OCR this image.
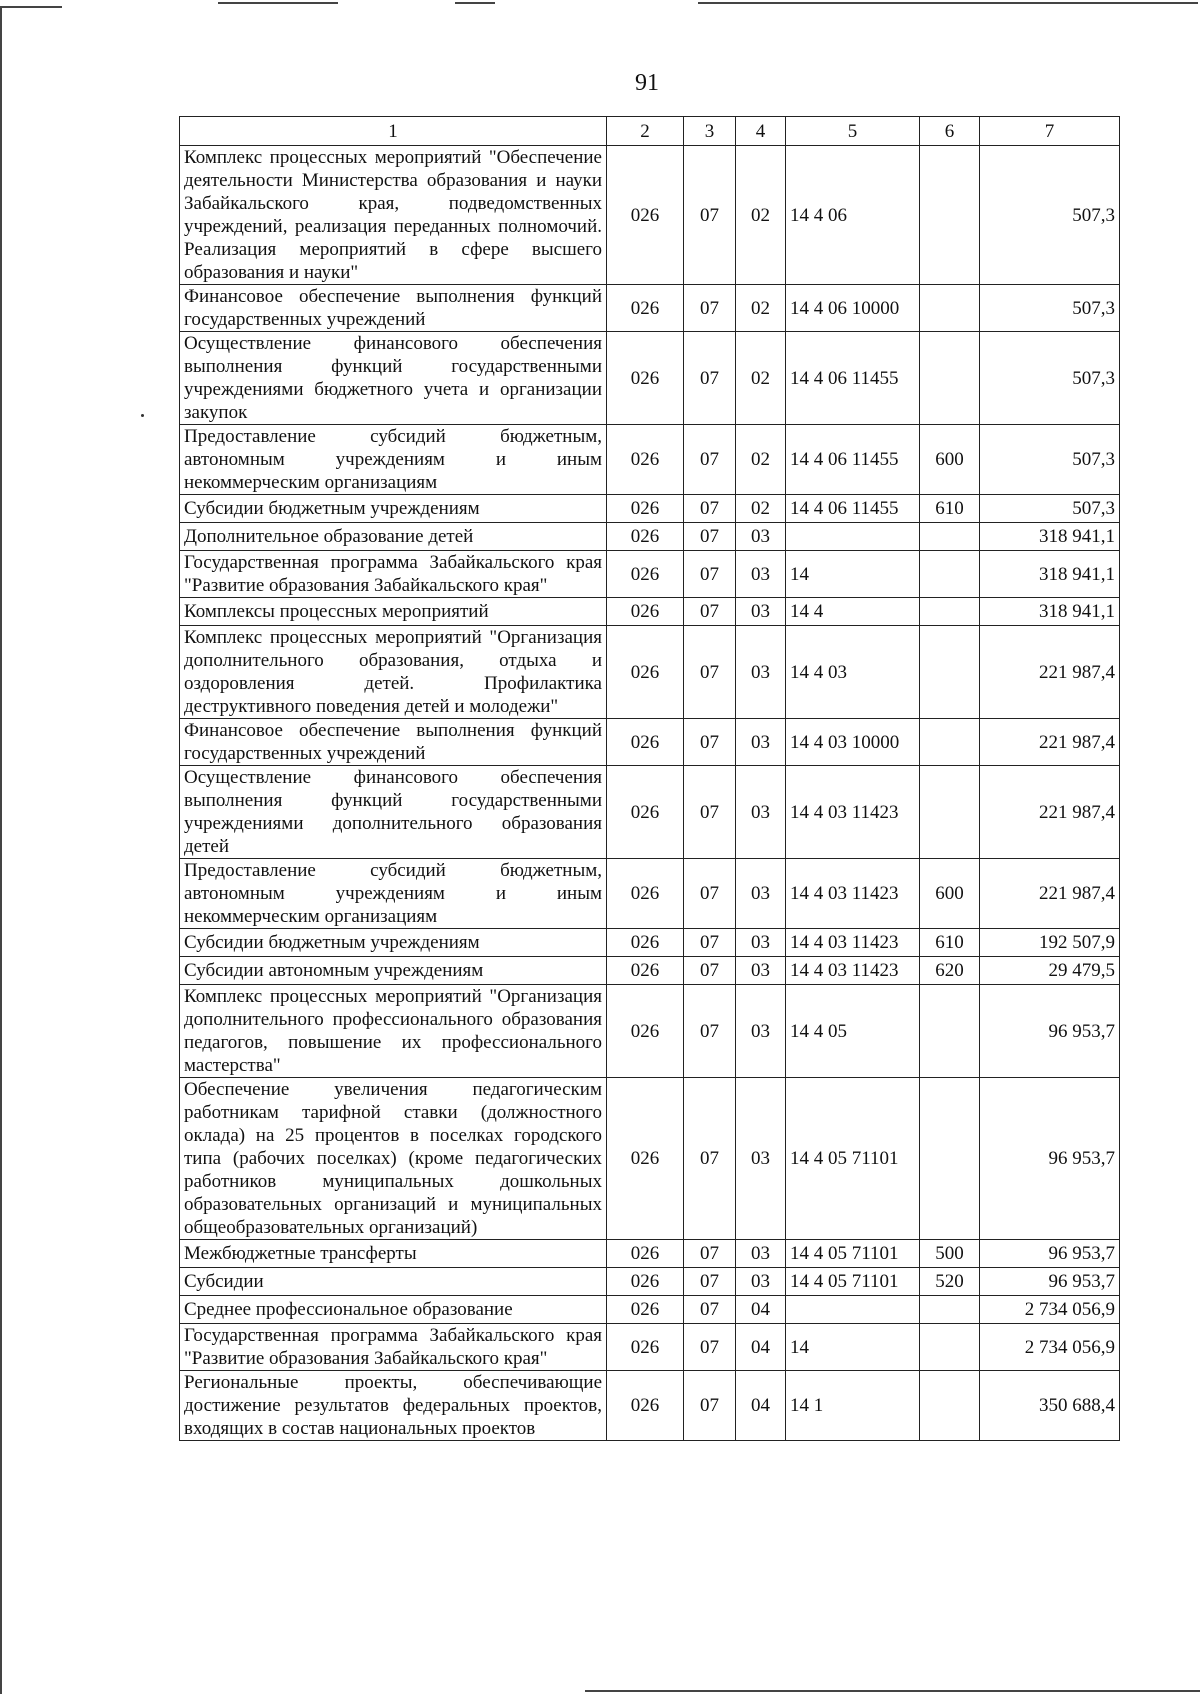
91
1	2	3	4	5	6	7
Комплекс процессных мероприятий "Обеспечение деятельности Министерства образования и науки Забайкальского края, подведомственных учреждений, реализация переданных полномочий. Реализация мероприятий в сфере высшего образования и науки"	026	07	02	14 4 06		507,3
Финансовое обеспечение выполнения функций государственных учреждений	026	07	02	14 4 06 10000		507,3
Осуществление финансового обеспечения выполнения функций государственными учреждениями бюджетного учета и организации закупок	026	07	02	14 4 06 11455		507,3
Предоставление субсидий бюджетным, автономным учреждениям и иным некоммерческим организациям	026	07	02	14 4 06 11455	600	507,3
Субсидии бюджетным учреждениям	026	07	02	14 4 06 11455	610	507,3
Дополнительное образование детей	026	07	03			318 941,1
Государственная программа Забайкальского края "Развитие образования Забайкальского края"	026	07	03	14		318 941,1
Комплексы процессных мероприятий	026	07	03	14 4		318 941,1
Комплекс процессных мероприятий "Организация дополнительного образования, отдыха и оздоровления детей. Профилактика деструктивного поведения детей и молодежи"	026	07	03	14 4 03		221 987,4
Финансовое обеспечение выполнения функций государственных учреждений	026	07	03	14 4 03 10000		221 987,4
Осуществление финансового обеспечения выполнения функций государственными учреждениями дополнительного образования детей	026	07	03	14 4 03 11423		221 987,4
Предоставление субсидий бюджетным, автономным учреждениям и иным некоммерческим организациям	026	07	03	14 4 03 11423	600	221 987,4
Субсидии бюджетным учреждениям	026	07	03	14 4 03 11423	610	192 507,9
Субсидии автономным учреждениям	026	07	03	14 4 03 11423	620	29 479,5
Комплекс процессных мероприятий "Организация дополнительного профессионального образования педагогов, повышение их профессионального мастерства"	026	07	03	14 4 05		96 953,7
Обеспечение увеличения педагогическим работникам тарифной ставки (должностного оклада) на 25 процентов в поселках городского типа (рабочих поселках) (кроме педагогических работников муниципальных дошкольных образовательных организаций и муниципальных общеобразовательных организаций)	026	07	03	14 4 05 71101		96 953,7
Межбюджетные трансферты	026	07	03	14 4 05 71101	500	96 953,7
Субсидии	026	07	03	14 4 05 71101	520	96 953,7
Среднее профессиональное образование	026	07	04			2 734 056,9
Государственная программа Забайкальского края "Развитие образования Забайкальского края"	026	07	04	14		2 734 056,9
Региональные проекты, обеспечивающие достижение результатов федеральных проектов, входящих в состав национальных проектов	026	07	04	14 1		350 688,4
